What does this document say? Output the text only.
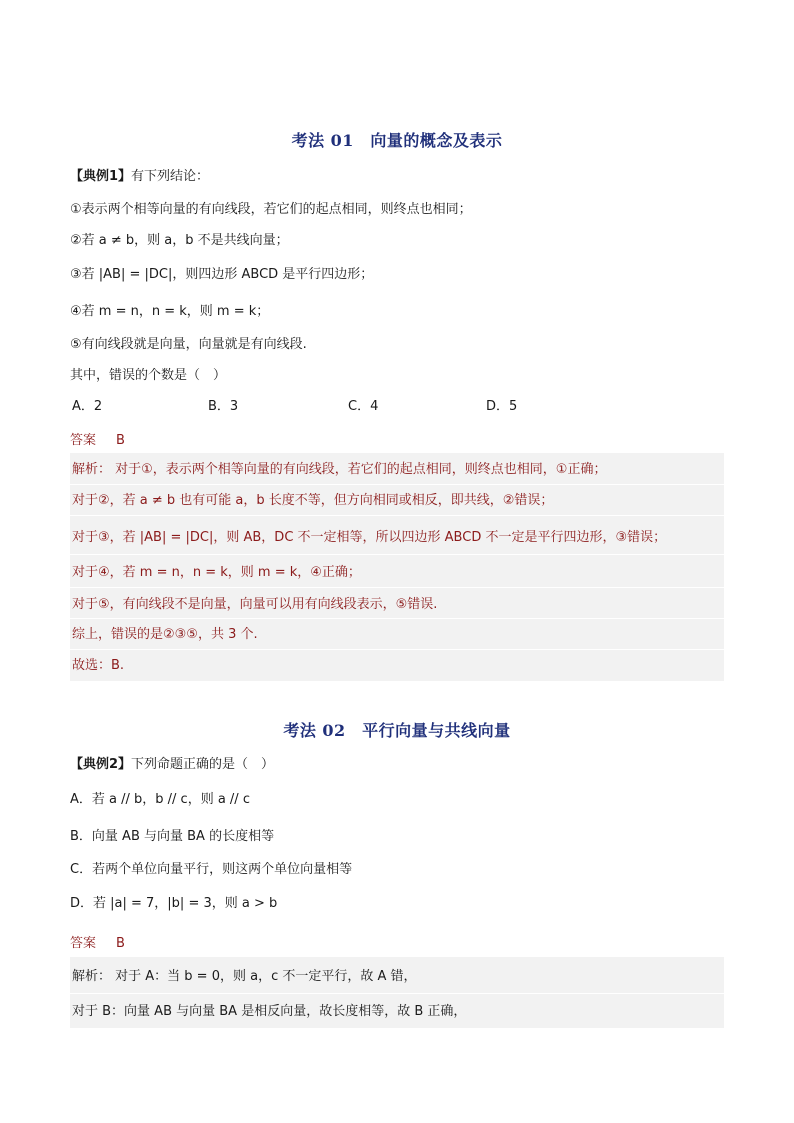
考法 01　向量的概念及表示
【典例1】有下列结论：
①表示两个相等向量的有向线段，若它们的起点相同，则终点也相同；
②若 a ≠ b，则 a，b 不是共线向量；
③若 |AB| = |DC|，则四边形 ABCD 是平行四边形；
④若 m = n，n = k，则 m = k；
⑤有向线段就是向量，向量就是有向线段.
其中，错误的个数是（　）
A．2	B．3	C．4	D．5
答案 B
解析： 对于①，表示两个相等向量的有向线段，若它们的起点相同，则终点也相同，①正确；
对于②，若 a ≠ b 也有可能 a，b 长度不等，但方向相同或相反，即共线，②错误；
对于③，若 |AB| = |DC|，则 AB，DC 不一定相等，所以四边形 ABCD 不一定是平行四边形，③错误；
对于④，若 m = n，n = k，则 m = k，④正确；
对于⑤，有向线段不是向量，向量可以用有向线段表示，⑤错误.
综上，错误的是②③⑤，共 3 个.
故选：B.
考法 02　平行向量与共线向量
【典例2】下列命题正确的是（　）
A．若 a // b，b // c，则 a // c
B．向量 AB 与向量 BA 的长度相等
C．若两个单位向量平行，则这两个单位向量相等
D．若 |a| = 7，|b| = 3，则 a > b
答案 B
解析： 对于 A：当 b = 0，则 a，c 不一定平行，故 A 错，
对于 B：向量 AB 与向量 BA 是相反向量，故长度相等，故 B 正确，
